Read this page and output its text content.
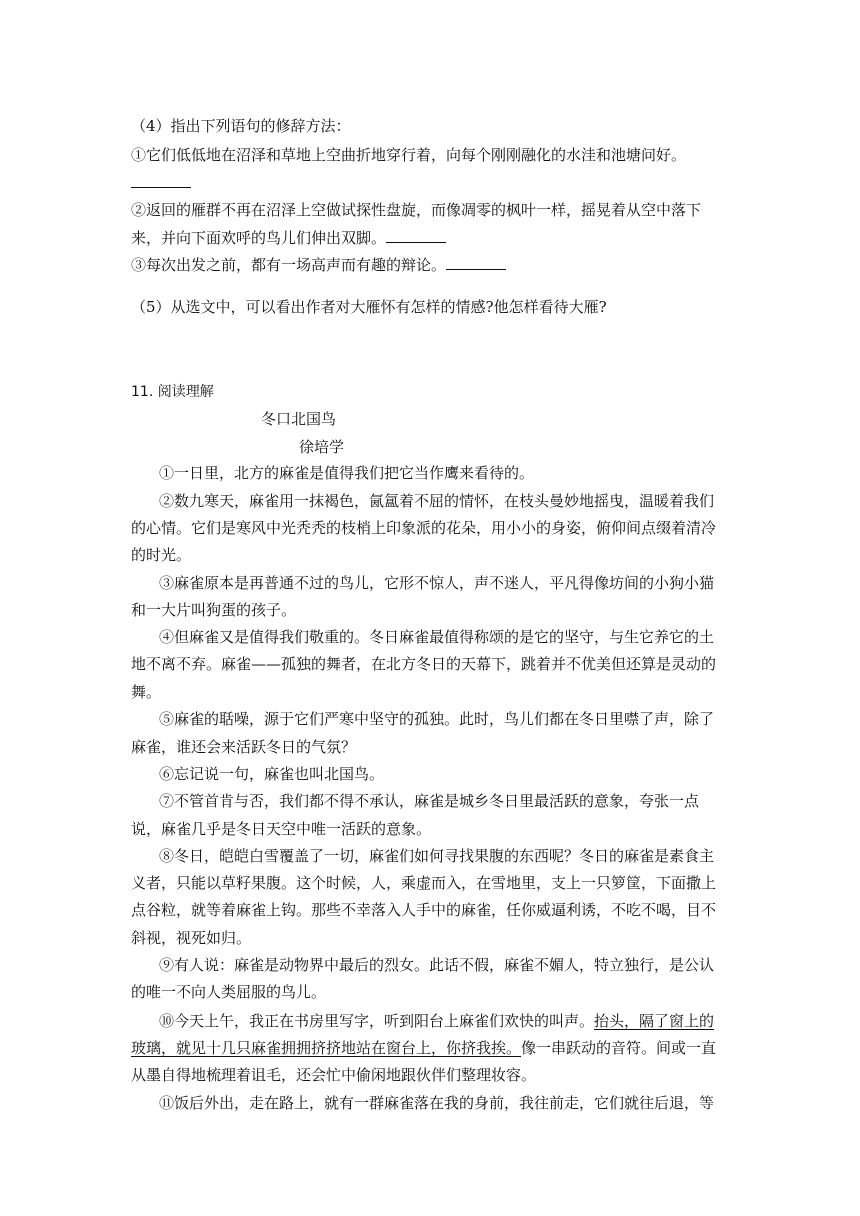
（4）指出下列语句的修辞方法：
①它们低低地在沼泽和草地上空曲折地穿行着，向每个刚刚融化的水洼和池塘问好。
②返回的雁群不再在沼泽上空做试探性盘旋，而像凋零的枫叶一样，摇晃着从空中落下
来，并向下面欢呼的鸟儿们伸出双脚。
③每次出发之前，都有一场高声而有趣的辩论。
（5）从选文中，可以看出作者对大雁怀有怎样的情感?他怎样看待大雁?
11. 阅读理解
冬口北国鸟
徐培学
①一日里，北方的麻雀是值得我们把它当作鹰来看待的。
②数九寒天，麻雀用一抹褐色，氤氲着不屈的情怀，在枝头曼妙地摇曳，温暖着我们
的心情。它们是寒风中光秃秃的枝梢上印象派的花朵，用小小的身姿，俯仰间点缀着清冷
的时光。
③麻雀原本是再普通不过的鸟儿，它形不惊人，声不迷人，平凡得像坊间的小狗小猫
和一大片叫狗蛋的孩子。
④但麻雀又是值得我们敬重的。冬日麻雀最值得称颂的是它的坚守，与生它养它的土
地不离不弃。麻雀——孤独的舞者，在北方冬日的天幕下，跳着并不优美但还算是灵动的
舞。
⑤麻雀的聒噪，源于它们严寒中坚守的孤独。此时，鸟儿们都在冬日里噤了声，除了
麻雀，谁还会来活跃冬日的气氛？
⑥忘记说一句，麻雀也叫北国鸟。
⑦不管首肯与否，我们都不得不承认，麻雀是城乡冬日里最活跃的意象，夸张一点
说，麻雀几乎是冬日天空中唯一活跃的意象。
⑧冬日，皑皑白雪覆盖了一切，麻雀们如何寻找果腹的东西呢？冬日的麻雀是素食主
义者，只能以草籽果腹。这个时候，人，乘虚而入，在雪地里，支上一只箩筐，下面撒上
点谷粒，就等着麻雀上钩。那些不幸落入人手中的麻雀，任你威逼利诱，不吃不喝，目不
斜视，视死如归。
⑨有人说：麻雀是动物界中最后的烈女。此话不假，麻雀不媚人，特立独行，是公认
的唯一不向人类屈服的鸟儿。
⑩今天上午，我正在书房里写字，听到阳台上麻雀们欢快的叫声。抬头，隔了窗上的
玻璃，就见十几只麻雀拥拥挤挤地站在窗台上，你挤我挨。像一串跃动的音符。间或一直
从墨自得地梳理着诅毛，还会忙中偷闲地跟伙伴们整理妆容。
⑪饭后外出，走在路上，就有一群麻雀落在我的身前，我往前走，它们就往后退，等
